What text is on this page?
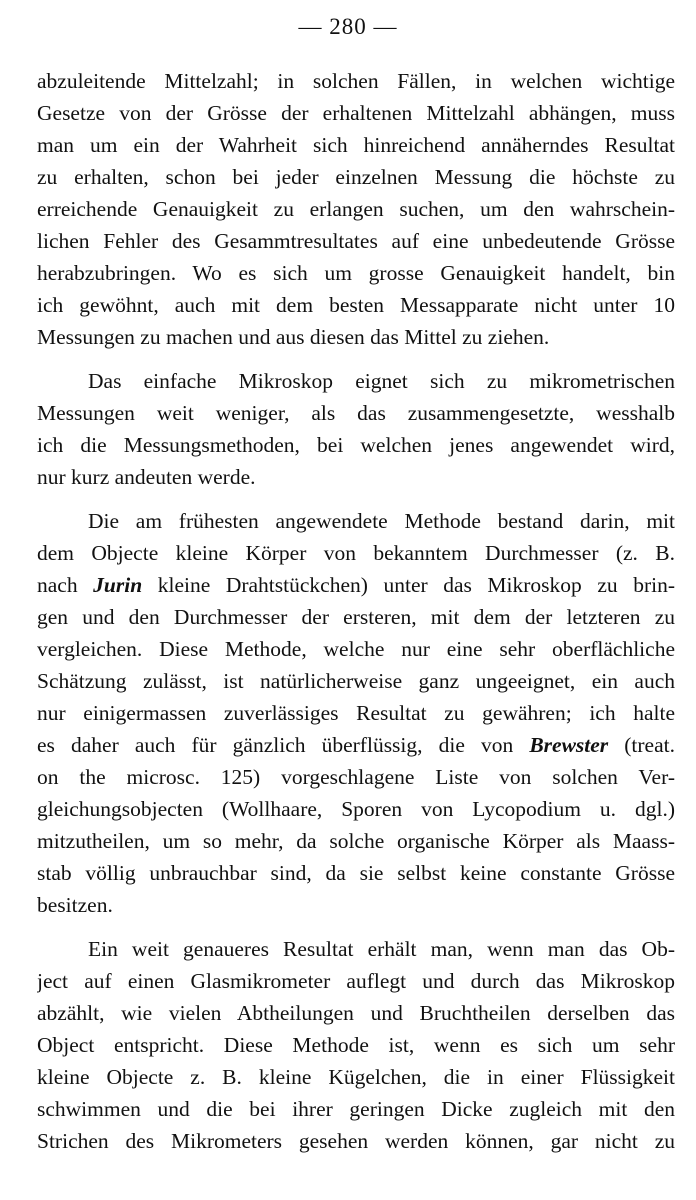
— 280 —
abzuleitende Mittelzahl; in solchen Fällen, in welchen wichtige
Gesetze von der Grösse der erhaltenen Mittelzahl abhängen, muss
man um ein der Wahrheit sich hinreichend annäherndes Resultat
zu erhalten, schon bei jeder einzelnen Messung die höchste zu
erreichende Genauigkeit zu erlangen suchen, um den wahrschein-
lichen Fehler des Gesammtresultates auf eine unbedeutende Grösse
herabzubringen. Wo es sich um grosse Genauigkeit handelt, bin
ich gewöhnt, auch mit dem besten Messapparate nicht unter 10
Messungen zu machen und aus diesen das Mittel zu ziehen.
Das einfache Mikroskop eignet sich zu mikrometrischen
Messungen weit weniger, als das zusammengesetzte, wesshalb
ich die Messungsmethoden, bei welchen jenes angewendet wird,
nur kurz andeuten werde.
Die am frühesten angewendete Methode bestand darin, mit
dem Objecte kleine Körper von bekanntem Durchmesser (z. B.
nach Jurin kleine Drahtstückchen) unter das Mikroskop zu brin-
gen und den Durchmesser der ersteren, mit dem der letzteren zu
vergleichen. Diese Methode, welche nur eine sehr oberflächliche
Schätzung zulässt, ist natürlicherweise ganz ungeeignet, ein auch
nur einigermassen zuverlässiges Resultat zu gewähren; ich halte
es daher auch für gänzlich überflüssig, die von Brewster (treat.
on the microsc. 125) vorgeschlagene Liste von solchen Ver-
gleichungsobjecten (Wollhaare, Sporen von Lycopodium u. dgl.)
mitzutheilen, um so mehr, da solche organische Körper als Maass-
stab völlig unbrauchbar sind, da sie selbst keine constante Grösse
besitzen.
Ein weit genaueres Resultat erhält man, wenn man das Ob-
ject auf einen Glasmikrometer auflegt und durch das Mikroskop
abzählt, wie vielen Abtheilungen und Bruchtheilen derselben das
Object entspricht. Diese Methode ist, wenn es sich um sehr
kleine Objecte z. B. kleine Kügelchen, die in einer Flüssigkeit
schwimmen und die bei ihrer geringen Dicke zugleich mit den
Strichen des Mikrometers gesehen werden können, gar nicht zu
